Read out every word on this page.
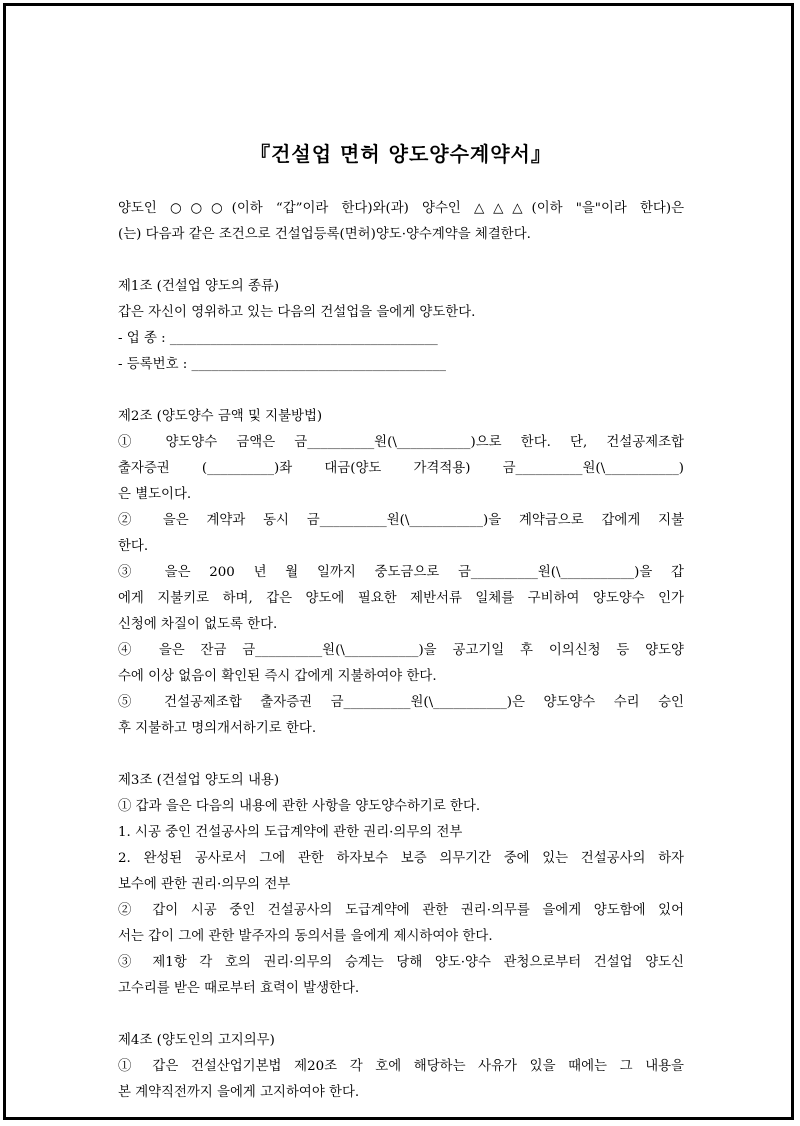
『건설업 면허 양도양수계약서』
양도인 ○○○(이하 “갑”이라 한다)와(과) 양수인 △△△(이하 "을"이라 한다)은
(는) 다음과 같은 조건으로 건설업등록(면허)양도·양수계약을 체결한다.
제1조 (건설업 양도의 종류)
갑은 자신이 영위하고 있는 다음의 건설업을 을에게 양도한다.
- 업 종 : ________________________________________
- 등록번호 : ______________________________________
제2조 (양도양수 금액 및 지불방법)
① 양도양수 금액은 금__________원(\___________)으로 한다. 단, 건설공제조합
출자증권 (__________)좌 대금(양도 가격적용) 금__________원(\___________)
은 별도이다.
② 을은 계약과 동시 금__________원(\___________)을 계약금으로 갑에게 지불
한다.
③ 을은 200 년 월 일까지 중도금으로 금__________원(\___________)을 갑
에게 지불키로 하며, 갑은 양도에 필요한 제반서류 일체를 구비하여 양도양수 인가
신청에 차질이 없도록 한다.
④ 을은 잔금 금__________원(\___________)을 공고기일 후 이의신청 등 양도양
수에 이상 없음이 확인된 즉시 갑에게 지불하여야 한다.
⑤ 건설공제조합 출자증권 금__________원(\___________)은 양도양수 수리 승인
후 지불하고 명의개서하기로 한다.
제3조 (건설업 양도의 내용)
① 갑과 을은 다음의 내용에 관한 사항을 양도양수하기로 한다.
1. 시공 중인 건설공사의 도급계약에 관한 권리·의무의 전부
2. 완성된 공사로서 그에 관한 하자보수 보증 의무기간 중에 있는 건설공사의 하자
보수에 관한 권리·의무의 전부
② 갑이 시공 중인 건설공사의 도급계약에 관한 권리·의무를 을에게 양도함에 있어
서는 갑이 그에 관한 발주자의 동의서를 을에게 제시하여야 한다.
③ 제1항 각 호의 권리·의무의 승계는 당해 양도·양수 관청으로부터 건설업 양도신
고수리를 받은 때로부터 효력이 발생한다.
제4조 (양도인의 고지의무)
① 갑은 건설산업기본법 제20조 각 호에 해당하는 사유가 있을 때에는 그 내용을
본 계약직전까지 을에게 고지하여야 한다.
